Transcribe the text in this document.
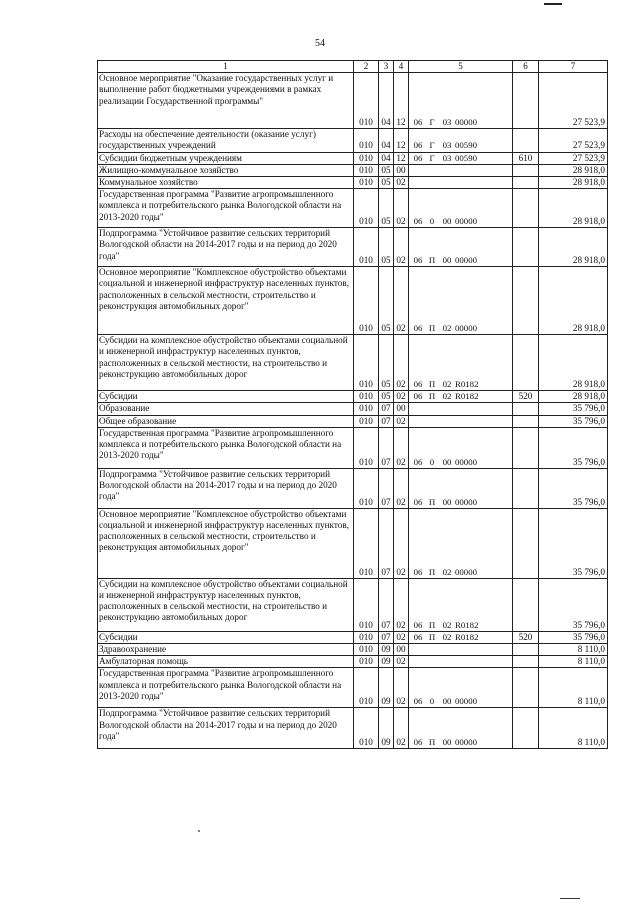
54
1	2	3	4	5	6	7
Основное мероприятие "Оказание государственных услуг и выполнение работ бюджетными учреждениями в рамках реализации Государственной программы"	010	04	12	06 Г 03 00000		27 523,9
Расходы на обеспечение деятельности (оказание услуг) государственных учреждений	010	04	12	06 Г 03 00590		27 523,9
Субсидии бюджетным учреждениям	010	04	12	06 Г 03 00590	610	27 523,9
Жилищно-коммунальное хозяйство	010	05	00			28 918,0
Коммунальное хозяйство	010	05	02			28 918,0
Государственная программа "Развитие агропромышленного комплекса и потребительского рынка Вологодской области на 2013-2020 годы"	010	05	02	06 0 00 00000		28 918,0
Подпрограмма "Устойчивое развитие сельских территорий Вологодской области на 2014-2017 годы и на период до 2020 года"	010	05	02	06 П 00 00000		28 918,0
Основное мероприятие "Комплексное обустройство объектами социальной и инженерной инфраструктур населенных пунктов, расположенных в сельской местности, строительство и реконструкция автомобильных дорог"	010	05	02	06 П 02 00000		28 918,0
Субсидии на комплексное обустройство объектами социальной и инженерной инфраструктур населенных пунктов, расположенных в сельской местности, на строительство и реконструкцию автомобильных дорог	010	05	02	06 П 02 R0182		28 918,0
Субсидии	010	05	02	06 П 02 R0182	520	28 918,0
Образование	010	07	00			35 796,0
Общее образование	010	07	02			35 796,0
Государственная программа "Развитие агропромышленного комплекса и потребительского рынка Вологодской области на 2013-2020 годы"	010	07	02	06 0 00 00000		35 796,0
Подпрограмма "Устойчивое развитие сельских территорий Вологодской области на 2014-2017 годы и на период до 2020 года"	010	07	02	06 П 00 00000		35 796,0
Основное мероприятие "Комплексное обустройство объектами социальной и инженерной инфраструктур населенных пунктов, расположенных в сельской местности, строительство и реконструкция автомобильных дорог"	010	07	02	06 П 02 00000		35 796,0
Субсидии на комплексное обустройство объектами социальной и инженерной инфраструктур населенных пунктов, расположенных в сельской местности, на строительство и реконструкцию автомобильных дорог	010	07	02	06 П 02 R0182		35 796,0
Субсидии	010	07	02	06 П 02 R0182	520	35 796,0
Здравоохранение	010	09	00			8 110,0
Амбулаторная помощь	010	09	02			8 110,0
Государственная программа "Развитие агропромышленного комплекса и потребительского рынка Вологодской области на 2013-2020 годы"	010	09	02	06 0 00 00000		8 110,0
Подпрограмма "Устойчивое развитие сельских территорий Вологодской области на 2014-2017 годы и на период до 2020 года"	010	09	02	06 П 00 00000		8 110,0
